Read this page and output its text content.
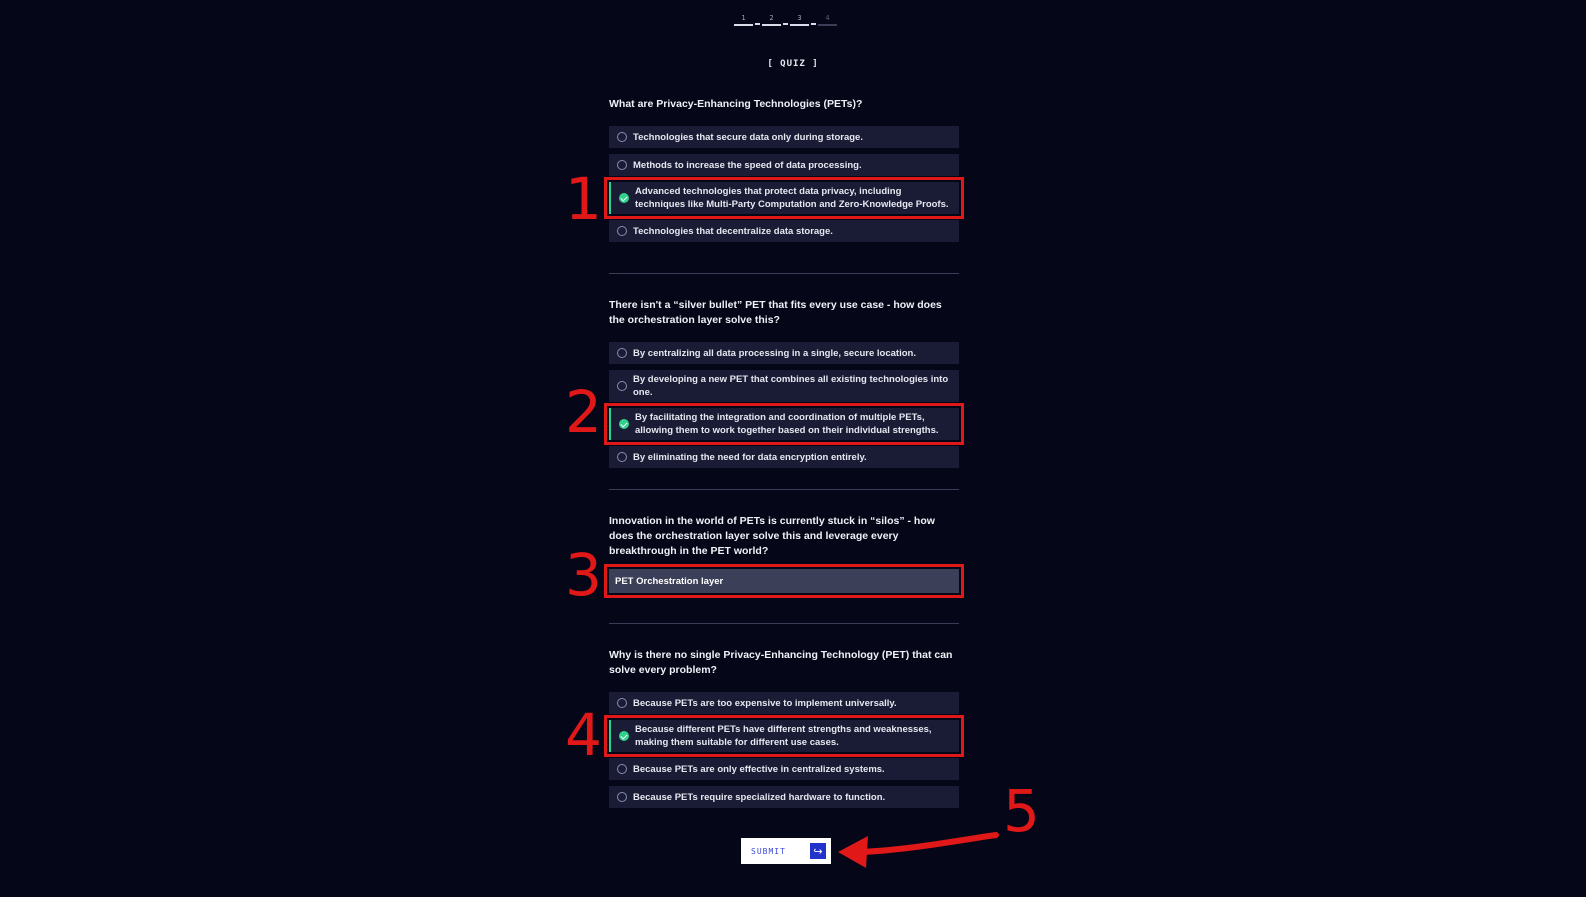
1	2	3	4
[ QUIZ ]

What are Privacy-Enhancing Technologies (PETs)?

Technologies that secure data only during storage.
Methods to increase the speed of data processing.
Advanced technologies that protect data privacy, including techniques like Multi-Party Computation and Zero-Knowledge Proofs.
Technologies that decentralize data storage.

There isn't a “silver bullet” PET that fits every use case - how does the orchestration layer solve this?

By centralizing all data processing in a single, secure location.
By developing a new PET that combines all existing technologies into one.
By facilitating the integration and coordination of multiple PETs, allowing them to work together based on their individual strengths.
By eliminating the need for data encryption entirely.

Innovation in the world of PETs is currently stuck in “silos” - how does the orchestration layer solve this and leverage every breakthrough in the PET world?

PET Orchestration layer

Why is there no single Privacy-Enhancing Technology (PET) that can solve every problem?

Because PETs are too expensive to implement universally.
Because different PETs have different strengths and weaknesses, making them suitable for different use cases.
Because PETs are only effective in centralized systems.
Because PETs require specialized hardware to function.
1
2
3
4
5
SUBMIT	↪
